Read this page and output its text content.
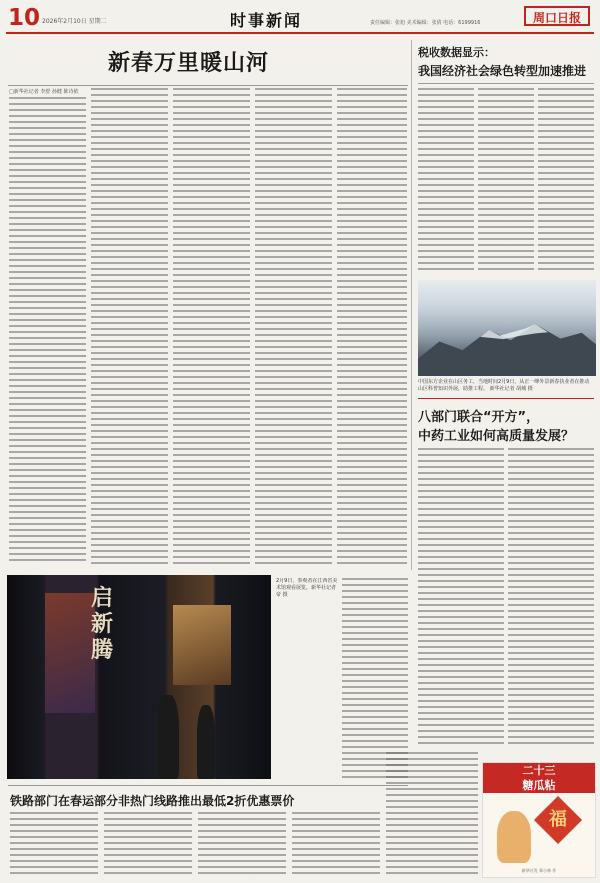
10 2026年2月10日 星期二	时事新闻	责任编辑：张旭 美术编辑：张倩 电话：6199916	周口日报
新春万里暖山河
□新华社记者 李舒 孙健 陈诗依
税收数据显示：
我国经济社会绿色转型加速推进
中国东方企业在山区务工，当地时间2月9日，从正一峰外景新春执业者在推动山区科普知识外展，助推工程。 新华社记者 胡城 摄
八部门联合“开方”，
中药工业如何高质量发展？
启新腾
2月9日，参观者在江西省美术馆观看展览。新华社记者 帝 摄
铁路部门在春运部分非热门线路推出最低2折优惠票价
二十三
糖瓜粘
福
新华社发 郑小林 作
